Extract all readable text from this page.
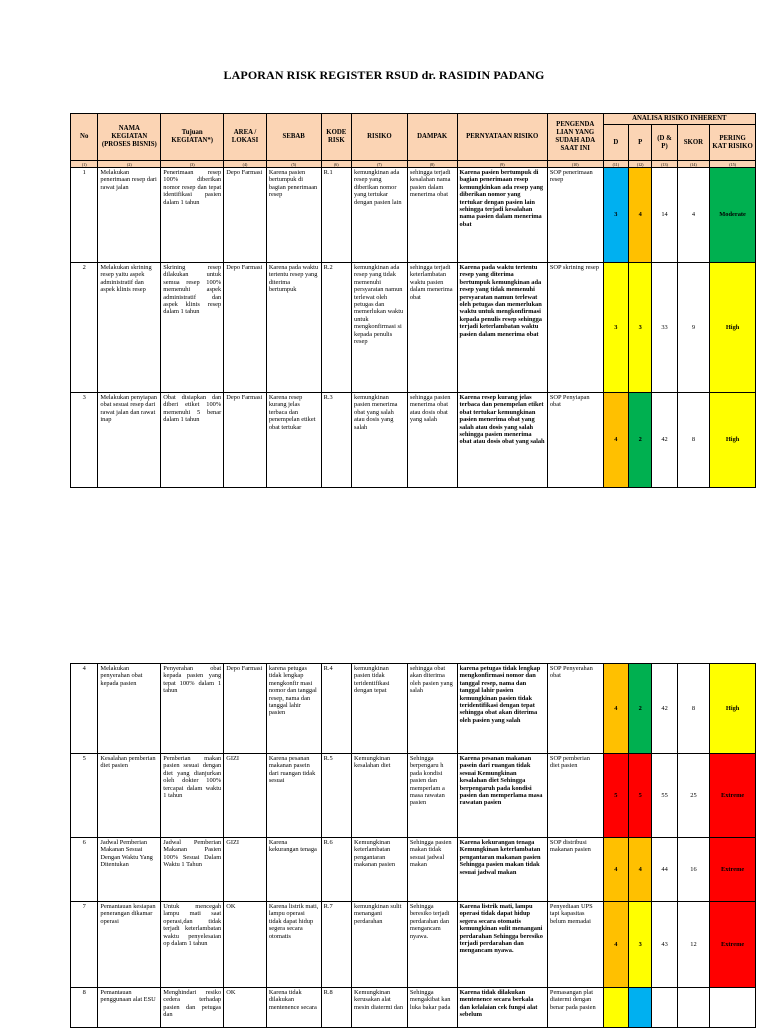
LAPORAN RISK REGISTER RSUD dr. RASIDIN PADANG
No	NAMA KEGIATAN (PROSES BISNIS)	Tujuan KEGIATAN*)	AREA / LOKASI	SEBAB	KODE RISK	RISIKO	DAMPAK	PERNYATAAN RISIKO	PENGENDA LIAN YANG SUDAH ADA SAAT INI	ANALISA RISIKO INHERENT				
										D	P	(D & P)	SKOR	PERING KAT RISIKO
(1)	(2)	(3)	(4)	(5)	(6)	(7)	(8)	(9)	(10)	(11)	(12)	(13)	(14)	(15)
1	Melakukan penerimaan resep dari rawat jalan	Penerimaan resep 100% diberikan nomor resep dan tepat identifikasi pasien dalam 1 tahun	Depo Farmasi	Karena pasien bertumpuk di bagian penerimaan resep	R.1	kemungkinan ada resep yang diberikan nomor yang tertukar dengan pasien lain	sehingga terjadi kesalahan nama pasien dalam menerima obat	Karena pasien bertumpuk di bagian penerimaan resep kemungkinkan ada resep yang diberikan nomor yang tertukar dengan pasien lain sehingga terjadi kesalahan nama pasien dalam menerima obat	SOP penerimaan resep	3	4	14	4	Moderate
2	Melakukan skrining resep yaitu aspek administratif dan aspek klinis resep	Skrining resep dilakukan untuk semua resep 100% memenuhi aspek administratif dan aspek klinis resep dalam 1 tahun	Depo Farmasi	Karena pada waktu tertentu resep yang diterima bertumpuk	R.2	kemungkinan ada resep yang tidak memenuhi persyaratan namun terlewat oleh petugas dan memerlukan waktu untuk mengkonfirmasi si kepada penulis resep	sehingga terjadi keterlambatan waktu pasien dalam menerima obat	Karena pada waktu tertentu resep yang diterima bertumpuk kemungkinan ada resep yang tidak memenuhi persyaratan namun terlewat oleh petugas dan memerlukan waktu untuk mengkonfirmasi kepada penulis resep sehingga terjadi keterlambatan waktu pasien dalam menerima obat	SOP skrining resep	3	3	33	9	High
3	Melakukan penyiapan obat sesuai resep dari rawat jalan dan rawat inap	Obat disiapkan dan diberi etiket 100% memenuhi 5 benar dalam 1 tahun	Depo Farmasi	Karena resep kurang jelas terbaca dan penempelan etiket obat tertukar	R.3	kemungkinan pasien menerima obat yang salah atau dosis yang salah	sehingga pasien menerima obat atau dosis obat yang salah	Karena resep kurang jelas terbaca dan penempelan etiket obat tertukar kemungkinan pasien menerima obat yang salah atau dosis yang salah sehingga pasien menerima obat atau dosis obat yang salah	SOP Penyiapan obat	4	2	42	8	High
4	Melakukan penyerahan obat kepada pasien	Penyerahan obat kepada pasien yang tepat 100% dalam 1 tahun	Depo Farmasi	karena petugas tidak lengkap mengkonfir masi nomor dan tanggal resep, nama dan tanggal lahir pasien	R.4	kemungkinan pasien tidak teridentifikasi dengan tepat	sehingga obat akan diterima oleh pasien yang salah	karena petugas tidak lengkap mengkonfirmasi nomor dan tanggal resep, nama dan tanggal lahir pasien kemungkinan pasien tidak teridentifikasi dengan tepat sehingga obat akan diterima oleh pasien yang salah	SOP Penyerahan obat	4	2	42	8	High
5	Kesalahan pemberian diet pasien	Pemberian makan pasien sesuai dengan diet yang dianjurkan oleh dokter 100% tercapai dalam waktu 1 tahun	GIZI	Karena pesanan makanan pasein dari ruangan tidak sesuai	R.5	Kemungkinan kesalahan diet	Sehingga berpengaru h pada kondisi pasien dan memperlam a masa rawatan pasien	Karena pesanan makanan pasein dari ruangan tidak sesuai Kemungkinan kesalahan diet Sehingga berpengaruh pada kondisi pasien dan memperlama masa rawatan pasien	SOP pemberian diet pasien	5	5	55	25	Extreme
6	Jadwal Pemberian Makanan Sesuai Dengan Waktu Yang Ditentukan	Jadwal Pemberian Makanan Pasien 100% Sesuai Dalam Waktu 1 Tahun	GIZI	Karena kekurangan tenaga	R.6	Kemungkinan keterlambatan pengantaran makanan pasien	Sehingga pasien makan tidak sesuai jadwal makan	Karena kekurangan tenaga Kemungkinan keterlambatan pengantaran makanan pasien Sehingga pasien makan tidak sesuai jadwal makan	SOP distribusi makanan pasien	4	4	44	16	Extreme
7	Pemantauan kesiapan penerangan dikamar operasi	Untuk mencegah lampu mati saat operasi,dan tidak terjadi keterlambatan waktu penyelesaian op dalam 1 tahun	OK	Karena listrik mati, lampu operasi tidak dapat hidup segera secara otomatis	R.7	kemungkinan sulit menangani perdarahan	Sehingga beresiko terjadi perdarahan dan mengancam nyawa.	Karena listrik mati, lampu operasi tidak dapat hidup segera secara otomatis kemungkinan sulit menangani perdarahan Sehingga beresiko terjadi perdarahan dan mengancam nyawa.	Penyediaan UPS tapi kapasitas belum memadai	4	3	43	12	Extreme
8	Pemantauan penggunaan alat ESU	Menghindari resiko cedera terhadap pasien dan petugas dan	OK	Karena tidak dilakukan mentenence secara	R.8	Kemungkinan kerusakan alat mesin diatermi dan	Sehingga mengakibat kan luka bakar pada	Karena tidak dilakukan mentenence secara berkala dan kelalaian cek fungsi alat sebelum	Pemasangan plat diatermi dengan benar pada pasien					
